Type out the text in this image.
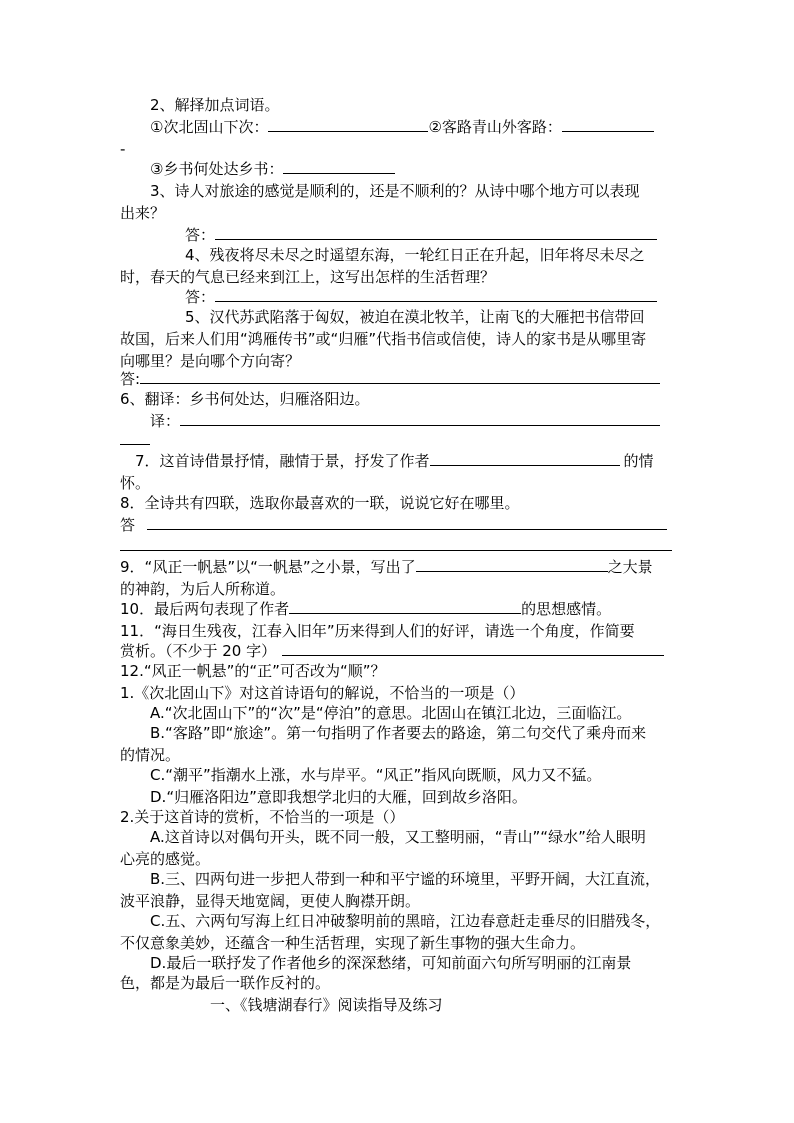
2、解择加点词语。
①次北固山下次：	②客路青山外客路：
-
③乡书何处达乡书：
3、诗人对旅途的感觉是顺利的，还是不顺利的？从诗中哪个地方可以表现
出来？
答：
4、残夜将尽未尽之时遥望东海，一轮红日正在升起，旧年将尽未尽之
时，春天的气息已经来到江上，这写出怎样的生活哲理？
答：
5、汉代苏武陷落于匈奴，被迫在漠北牧羊，让南飞的大雁把书信带回
故国，后来人们用“鸿雁传书”或“归雁”代指书信或信使，诗人的家书是从哪里寄
向哪里？是向哪个方向寄？
答:
6、翻译：乡书何处达，归雁洛阳边。
译：
7．这首诗借景抒情，融情于景，抒发了作者	的情
怀。
8．全诗共有四联，选取你最喜欢的一联，说说它好在哪里。
答
9．“风正一帆悬”以“一帆悬”之小景，写出了	之大景
的神韵，为后人所称道。
10．最后两句表现了作者	的思想感情。
11．“海日生残夜，江春入旧年”历来得到人们的好评，请选一个角度，作简要
赏析。（不少于 20 字）
12.“风正一帆悬”的“正”可否改为“顺”？
1.《次北固山下》对这首诗语句的解说，不恰当的一项是（）
A.“次北固山下”的“次”是“停泊”的意思。北固山在镇江北边，三面临江。
B.“客路”即“旅途”。第一句指明了作者要去的路途，第二句交代了乘舟而来
的情况。
C.“潮平”指潮水上涨，水与岸平。“风正”指风向既顺，风力又不猛。
D.“归雁洛阳边”意即我想学北归的大雁，回到故乡洛阳。
2.关于这首诗的赏析，不恰当的一项是（）
A.这首诗以对偶句开头，既不同一般，又工整明丽，“青山”“绿水”给人眼明
心亮的感觉。
B.三、四两句进一步把人带到一种和平宁谧的环境里，平野开阔，大江直流，
波平浪静，显得天地宽阔，更使人胸襟开朗。
C.五、六两句写海上红日冲破黎明前的黑暗，江边春意赶走垂尽的旧腊残冬，
不仅意象美妙，还蕴含一种生活哲理，实现了新生事物的强大生命力。
D.最后一联抒发了作者他乡的深深愁绪，可知前面六句所写明丽的江南景
色，都是为最后一联作反衬的。
一、《钱塘湖春行》阅读指导及练习
